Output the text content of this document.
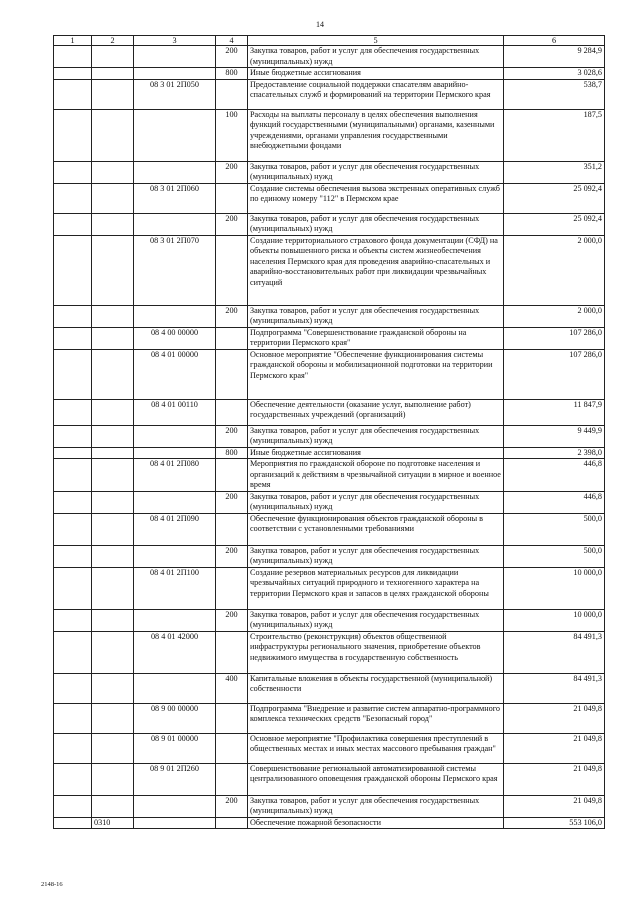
14
1	2	3	4	5	6
			200	Закупка товаров, работ и услуг для обеспечения государственных (муниципальных) нужд	9 284,9
			800	Иные бюджетные ассигнования	3 028,6
		08 3 01 2П050		Предоставление социальной поддержки спасателям аварийно-спасательных служб и формирований на территории Пермского края	538,7
			100	Расходы на выплаты персоналу в целях обеспечения выполнения функций государственными (муниципальными) органами, казенными учреждениями, органами управления государственными внебюджетными фондами	187,5
			200	Закупка товаров, работ и услуг для обеспечения государственных (муниципальных) нужд	351,2
		08 3 01 2П060		Создание системы обеспечения вызова экстренных оперативных служб по единому номеру "112" в Пермском крае	25 092,4
			200	Закупка товаров, работ и услуг для обеспечения государственных (муниципальных) нужд	25 092,4
		08 3 01 2П070		Создание территориального страхового фонда документации (СФД) на объекты повышенного риска и объекты систем жизнеобеспечения населения Пермского края для проведения аварийно-спасательных и аварийно-восстановительных работ при ликвидации чрезвычайных ситуаций	2 000,0
			200	Закупка товаров, работ и услуг для обеспечения государственных (муниципальных) нужд	2 000,0
		08 4 00 00000		Подпрограмма "Совершенствование гражданской обороны на территории Пермского края"	107 286,0
		08 4 01 00000		Основное мероприятие "Обеспечение функционирования системы гражданской обороны и мобилизационной подготовки на территории Пермского края"	107 286,0
		08 4 01 00110		Обеспечение деятельности (оказание услуг, выполнение работ) государственных учреждений (организаций)	11 847,9
			200	Закупка товаров, работ и услуг для обеспечения государственных (муниципальных) нужд	9 449,9
			800	Иные бюджетные ассигнования	2 398,0
		08 4 01 2П080		Мероприятия по гражданской обороне по подготовке населения и организаций к действиям в чрезвычайной ситуации в мирное и военное время	446,8
			200	Закупка товаров, работ и услуг для обеспечения государственных (муниципальных) нужд	446,8
		08 4 01 2П090		Обеспечение функционирования объектов гражданской обороны в соответствии с установленными требованиями	500,0
			200	Закупка товаров, работ и услуг для обеспечения государственных (муниципальных) нужд	500,0
		08 4 01 2П100		Создание резервов материальных ресурсов для ликвидации чрезвычайных ситуаций природного и техногенного характера на территории Пермского края и запасов в целях гражданской обороны	10 000,0
			200	Закупка товаров, работ и услуг для обеспечения государственных (муниципальных) нужд	10 000,0
		08 4 01 42000		Строительство (реконструкция) объектов общественной инфраструктуры регионального значения, приобретение объектов недвижимого имущества в государственную собственность	84 491,3
			400	Капитальные вложения в объекты государственной (муниципальной) собственности	84 491,3
		08 9 00 00000		Подпрограмма "Внедрение и развитие систем аппаратно-программного комплекса технических средств "Безопасный город"	21 049,8
		08 9 01 00000		Основное мероприятие "Профилактика совершения преступлений в общественных местах и иных местах массового пребывания граждан"	21 049,8
		08 9 01 2П260		Совершенствование региональной автоматизированной системы централизованного оповещения гражданской обороны Пермского края	21 049,8
			200	Закупка товаров, работ и услуг для обеспечения государственных (муниципальных) нужд	21 049,8
	0310			Обеспечение пожарной безопасности	553 106,0
2148-16
